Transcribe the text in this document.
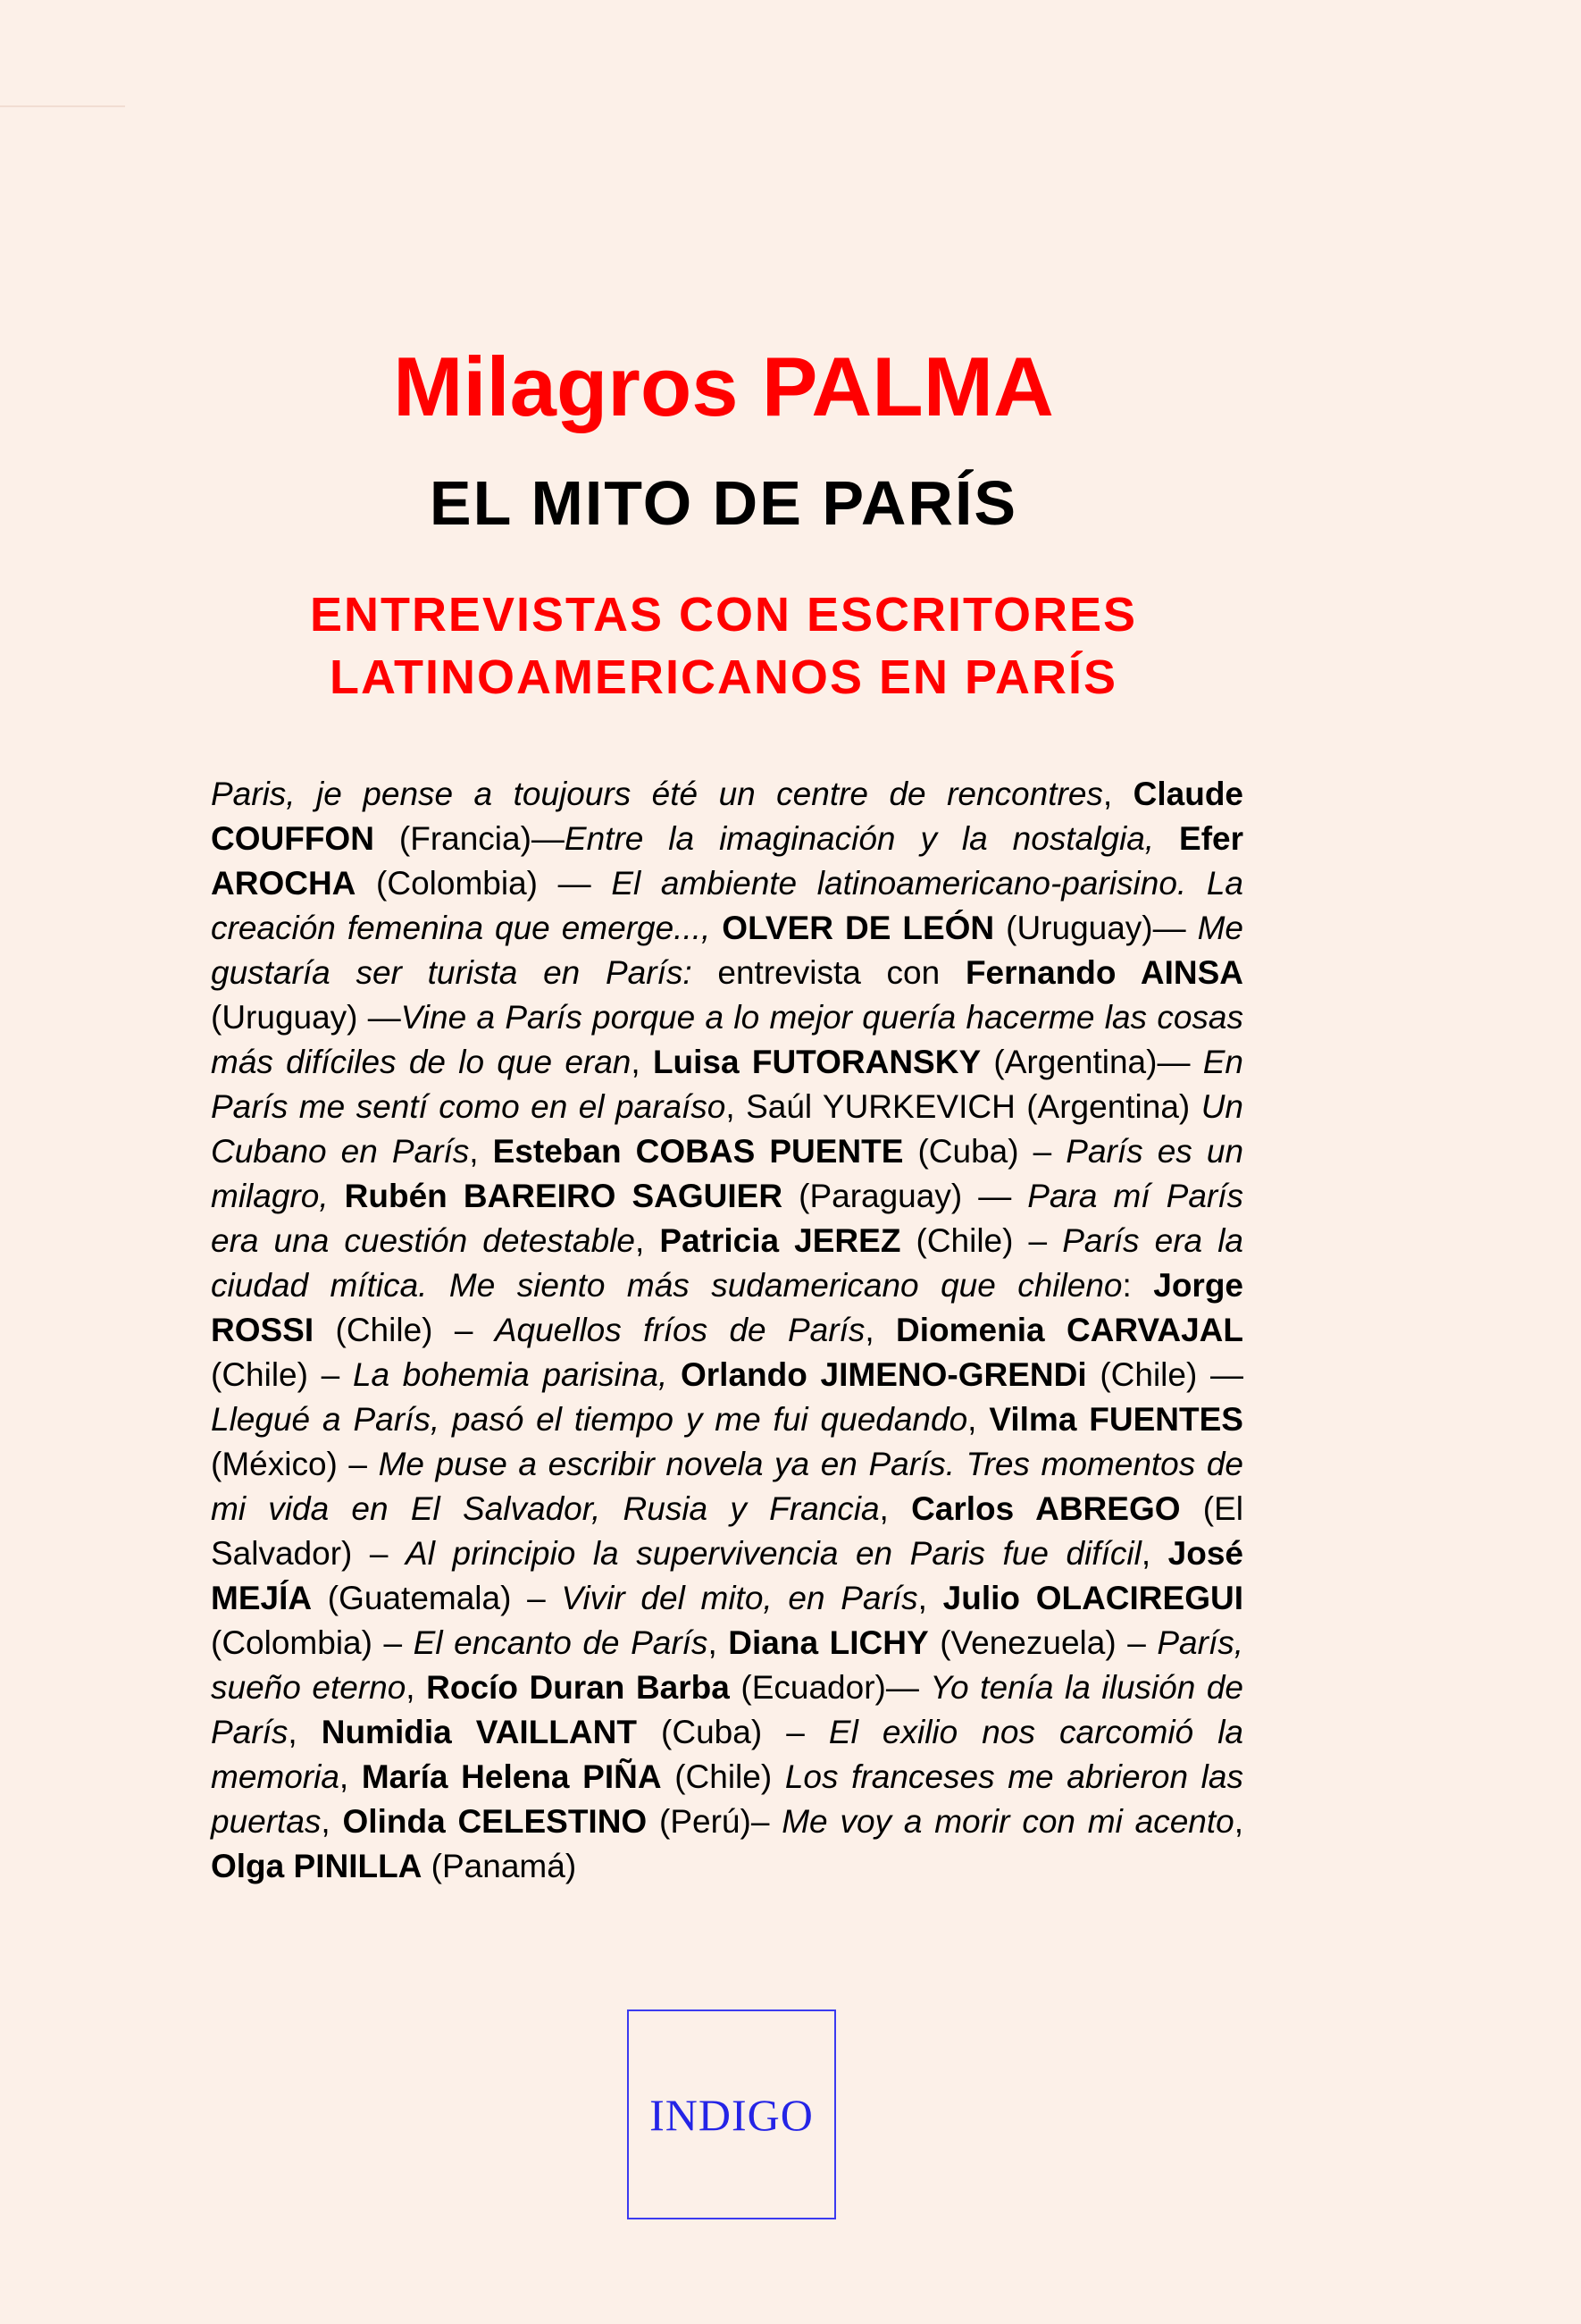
Milagros PALMA
EL MITO DE PARÍS
ENTREVISTAS CON ESCRITORES
LATINOAMERICANOS EN PARÍS

Paris, je pense a toujours été un centre de rencontres, Claude COUFFON (Francia)—Entre la imaginación y la nostalgia, Efer AROCHA (Colombia) — El ambiente latinoamericano-parisino. La creación femenina que emerge..., OLVER DE LEÓN (Uruguay)— Me gustaría ser turista en París: entrevista con Fernando AINSA (Uruguay) —Vine a París porque a lo mejor quería hacerme las cosas más difíciles de lo que eran, Luisa FUTORANSKY (Argentina)— En París me sentí como en el paraíso, Saúl YURKEVICH (Argentina) Un Cubano en París, Esteban COBAS PUENTE (Cuba) – París es un milagro, Rubén BAREIRO SAGUIER (Paraguay) — Para mí París era una cuestión detestable, Patricia JEREZ (Chile) – París era la ciudad mítica. Me siento más sudamericano que chileno: Jorge ROSSI (Chile) – Aquellos fríos de París, Diomenia CARVAJAL (Chile) – La bohemia parisina, Orlando JIMENO-GRENDi (Chile) — Llegué a París, pasó el tiempo y me fui quedando, Vilma FUENTES (México) – Me puse a escribir novela ya en París. Tres momentos de mi vida en El Salvador, Rusia y Francia, Carlos ABREGO (El Salvador) – Al principio la supervivencia en Paris fue difícil, José MEJÍA (Guatemala) – Vivir del mito, en París, Julio OLACIREGUI (Colombia) – El encanto de París, Diana LICHY (Venezuela) – París, sueño eterno, Rocío Duran Barba (Ecuador)— Yo tenía la ilusión de París, Numidia VAILLANT (Cuba) – El exilio nos carcomió la memoria, María Helena PIÑA (Chile) Los franceses me abrieron las puertas, Olinda CELESTINO (Perú)– Me voy a morir con mi acento, Olga PINILLA (Panamá)

INDIGO
